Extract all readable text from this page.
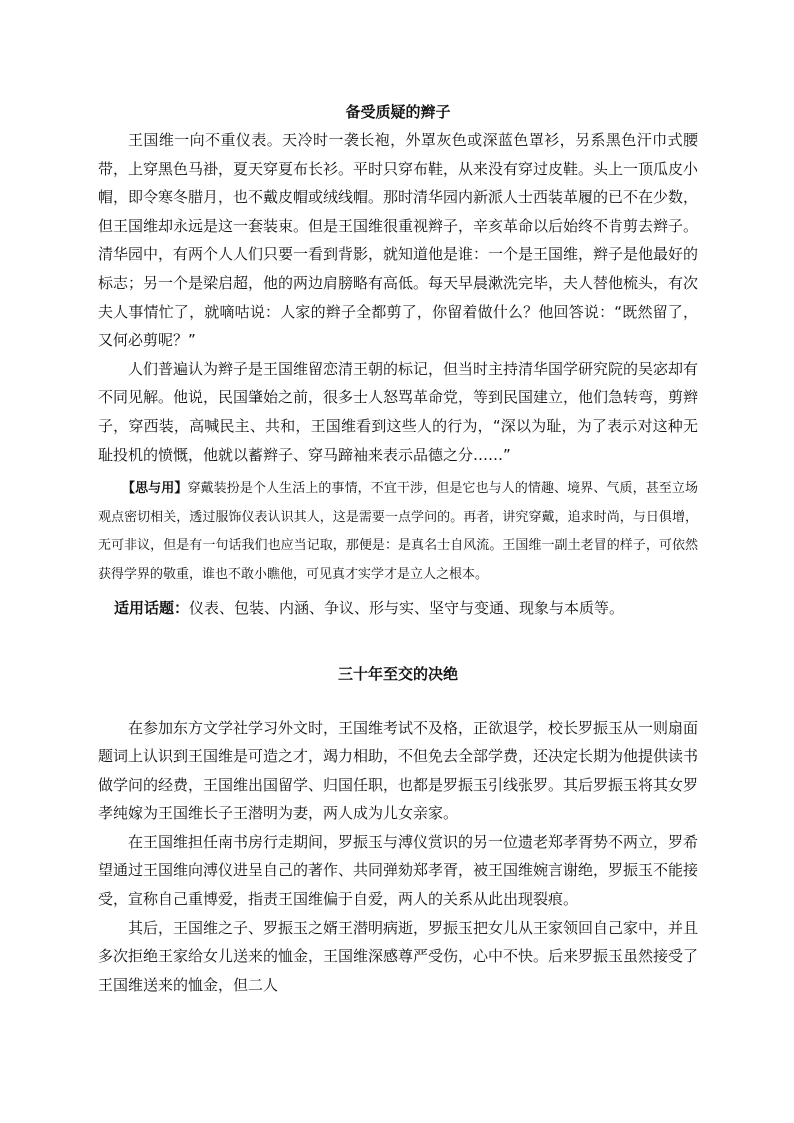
备受质疑的辫子

王国维一向不重仪表。天冷时一袭长袍，外罩灰色或深蓝色罩衫，另系黑色汗巾式腰带，上穿黑色马褂，夏天穿夏布长衫。平时只穿布鞋，从来没有穿过皮鞋。头上一顶瓜皮小帽，即令寒冬腊月，也不戴皮帽或绒线帽。那时清华园内新派人士西装革履的已不在少数，但王国维却永远是这一套装束。但是王国维很重视辫子，辛亥革命以后始终不肯剪去辫子。清华园中，有两个人人们只要一看到背影，就知道他是谁：一个是王国维，辫子是他最好的标志；另一个是梁启超，他的两边肩膀略有高低。每天早晨漱洗完毕，夫人替他梳头，有次夫人事情忙了，就嘀咕说：人家的辫子全都剪了，你留着做什么？他回答说：“既然留了，又何必剪呢？”

人们普遍认为辫子是王国维留恋清王朝的标记，但当时主持清华国学研究院的吴宓却有不同见解。他说，民国肇始之前，很多士人怒骂革命党，等到民国建立，他们急转弯，剪辫子，穿西装，高喊民主、共和，王国维看到这些人的行为，“深以为耻，为了表示对这种无耻投机的愤慨，他就以蓄辫子、穿马蹄袖来表示品德之分……”

【思与用】穿戴装扮是个人生活上的事情，不宜干涉，但是它也与人的情趣、境界、气质，甚至立场观点密切相关，透过服饰仪表认识其人，这是需要一点学问的。再者，讲究穿戴，追求时尚，与日俱增，无可非议，但是有一句话我们也应当记取，那便是：是真名士自风流。王国维一副土老冒的样子，可依然获得学界的敬重，谁也不敢小瞧他，可见真才实学才是立人之根本。

适用话题：仪表、包装、内涵、争议、形与实、坚守与变通、现象与本质等。

三十年至交的决绝

在参加东方文学社学习外文时，王国维考试不及格，正欲退学，校长罗振玉从一则扇面题词上认识到王国维是可造之才，竭力相助，不但免去全部学费，还决定长期为他提供读书做学问的经费，王国维出国留学、归国任职，也都是罗振玉引线张罗。其后罗振玉将其女罗孝纯嫁为王国维长子王潜明为妻，两人成为儿女亲家。

在王国维担任南书房行走期间，罗振玉与溥仪赏识的另一位遗老郑孝胥势不两立，罗希望通过王国维向溥仪进呈自己的著作、共同弹劾郑孝胥，被王国维婉言谢绝，罗振玉不能接受，宣称自己重博爱，指责王国维偏于自爱，两人的关系从此出现裂痕。

其后，王国维之子、罗振玉之婿王潜明病逝，罗振玉把女儿从王家领回自己家中，并且多次拒绝王家给女儿送来的恤金，王国维深感尊严受伤，心中不快。后来罗振玉虽然接受了王国维送来的恤金，但二人
